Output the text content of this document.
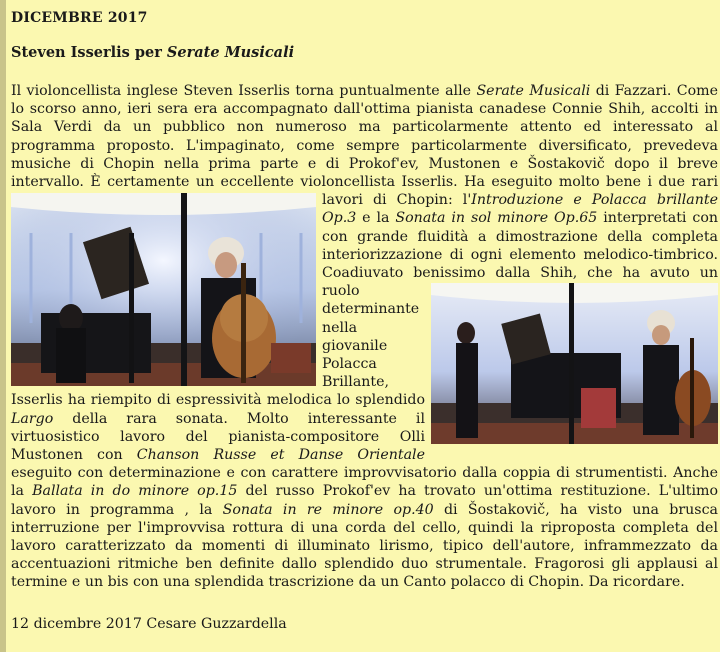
DICEMBRE 2017
Steven Isserlis per Serate Musicali
Il violoncellista inglese Steven Isserlis torna puntualmente alle Serate Musicali di Fazzari. Come lo scorso anno, ieri sera era accompagnato dall'ottima pianista canadese Connie Shih, accolti in Sala Verdi da un pubblico non numeroso ma particolarmente attento ed interessato al programma proposto. L'impaginato, come sempre particolarmente diversificato, prevedeva musiche di Chopin nella prima parte e di Prokof'ev, Mustonen e Šostakovič dopo il breve intervallo. È certamente un eccellente violoncellista Isserlis. Ha eseguito molto bene i due rari lavori di Chopin: l'
Introduzione e Polacca brillante Op.3 e la Sonata in sol minore Op.65 interpretati con con grande fluidità a dimostrazione della completa interiorizzazione di ogni elemento melodico-timbrico. Coadiuvato benissimo dalla Shih, che ha
avuto un ruolo determinante nella giovanile Polacca Brillante, Isserlis ha riempito di espressività melodica lo splendido Largo della rara sonata. Molto interessante il virtuosistico lavoro del pianista-compositore Olli Mustonen con Chanson Russe et Danse Orientale eseguito con determinazione e con carattere improvvisatorio dalla coppia di strumentisti. Anche la Ballata in do minore op.15 del russo Prokof'ev ha trovato un'ottima restituzione. L'ultimo lavoro in programma , la Sonata in re minore op.40 di Šostakovič, ha visto una brusca interruzione per l'improvvisa rottura di una corda del cello, quindi la riproposta completa del lavoro caratterizzato da momenti di illuminato lirismo, tipico dell'autore, inframmezzato da accentuazioni ritmiche ben definite dallo splendido duo strumentale. Fragorosi gli applausi al termine e un bis con una splendida trascrizione da un Canto polacco di Chopin. Da ricordare.
12 dicembre 2017 Cesare Guzzardella
